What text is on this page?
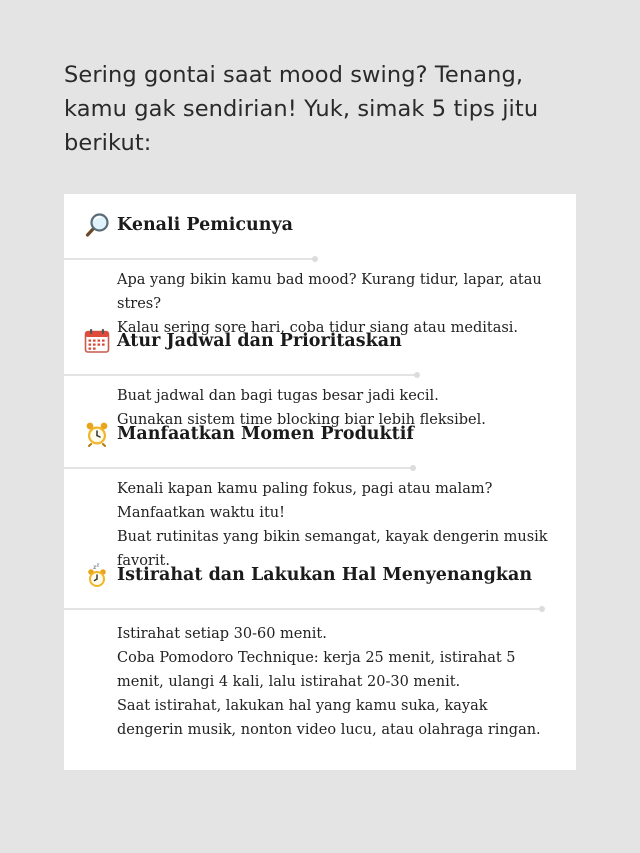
Sering gontai saat mood swing? Tenang, kamu gak sendirian! Yuk, simak 5 tips jitu berikut:

Kenali Pemicunya

Apa yang bikin kamu bad mood? Kurang tidur, lapar, atau stres?

Kalau sering sore hari, coba tidur siang atau meditasi.

Atur Jadwal dan Prioritaskan

Buat jadwal dan bagi tugas besar jadi kecil.

Gunakan sistem time blocking biar lebih fleksibel.

Manfaatkan Momen Produktif

Kenali kapan kamu paling fokus, pagi atau malam? Manfaatkan waktu itu!

Buat rutinitas yang bikin semangat, kayak dengerin musik favorit.

z z Istirahat dan Lakukan Hal Menyenangkan

Istirahat setiap 30-60 menit.

Coba Pomodoro Technique: kerja 25 menit, istirahat 5 menit, ulangi 4 kali, lalu istirahat 20-30 menit.

Saat istirahat, lakukan hal yang kamu suka, kayak dengerin musik, nonton video lucu, atau olahraga ringan.
